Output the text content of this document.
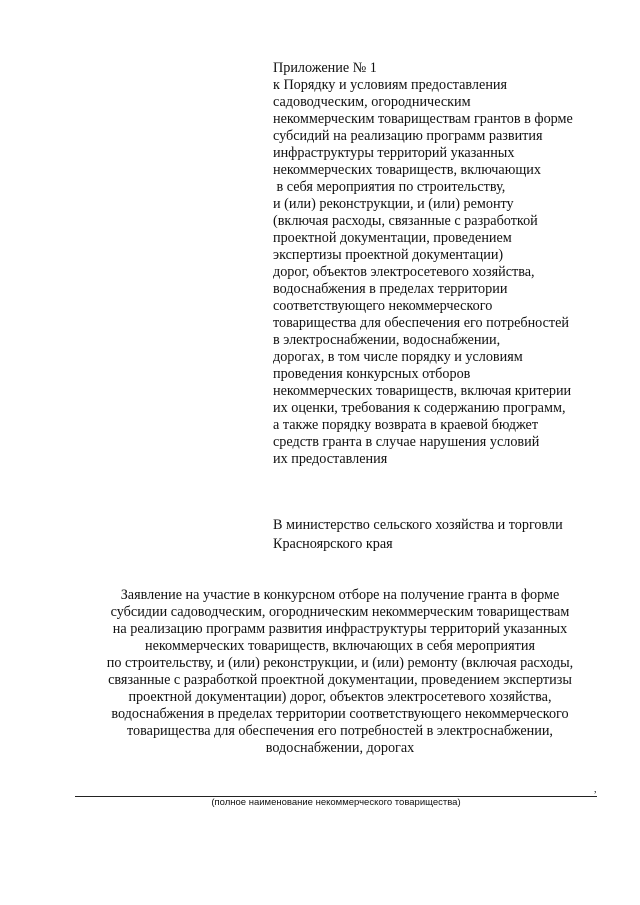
Приложение № 1
к Порядку и условиям предоставления
садоводческим, огородническим
некоммерческим товариществам грантов в форме
субсидий на реализацию программ развития
инфраструктуры территорий указанных
некоммерческих товариществ, включающих
в себя мероприятия по строительству,
и (или) реконструкции, и (или) ремонту
(включая расходы, связанные с разработкой
проектной документации, проведением
экспертизы проектной документации)
дорог, объектов электросетевого хозяйства,
водоснабжения в пределах территории
соответствующего некоммерческого
товарищества для обеспечения его потребностей
в электроснабжении, водоснабжении,
дорогах, в том числе порядку и условиям
проведения конкурсных отборов
некоммерческих товариществ, включая критерии
их оценки, требования к содержанию программ,
а также порядку возврата в краевой бюджет
средств гранта в случае нарушения условий
их предоставления
В министерство сельского хозяйства и торговли
Красноярского края
Заявление на участие в конкурсном отборе на получение гранта в форме
субсидии садоводческим, огородническим некоммерческим товариществам
на реализацию программ развития инфраструктуры территорий указанных
некоммерческих товариществ, включающих в себя мероприятия
по строительству, и (или) реконструкции, и (или) ремонту (включая расходы,
связанные с разработкой проектной документации, проведением экспертизы
проектной документации) дорог, объектов электросетевого хозяйства,
водоснабжения в пределах территории соответствующего некоммерческого
товарищества для обеспечения его потребностей в электроснабжении,
водоснабжении, дорогах
,
(полное наименование некоммерческого товарищества)
